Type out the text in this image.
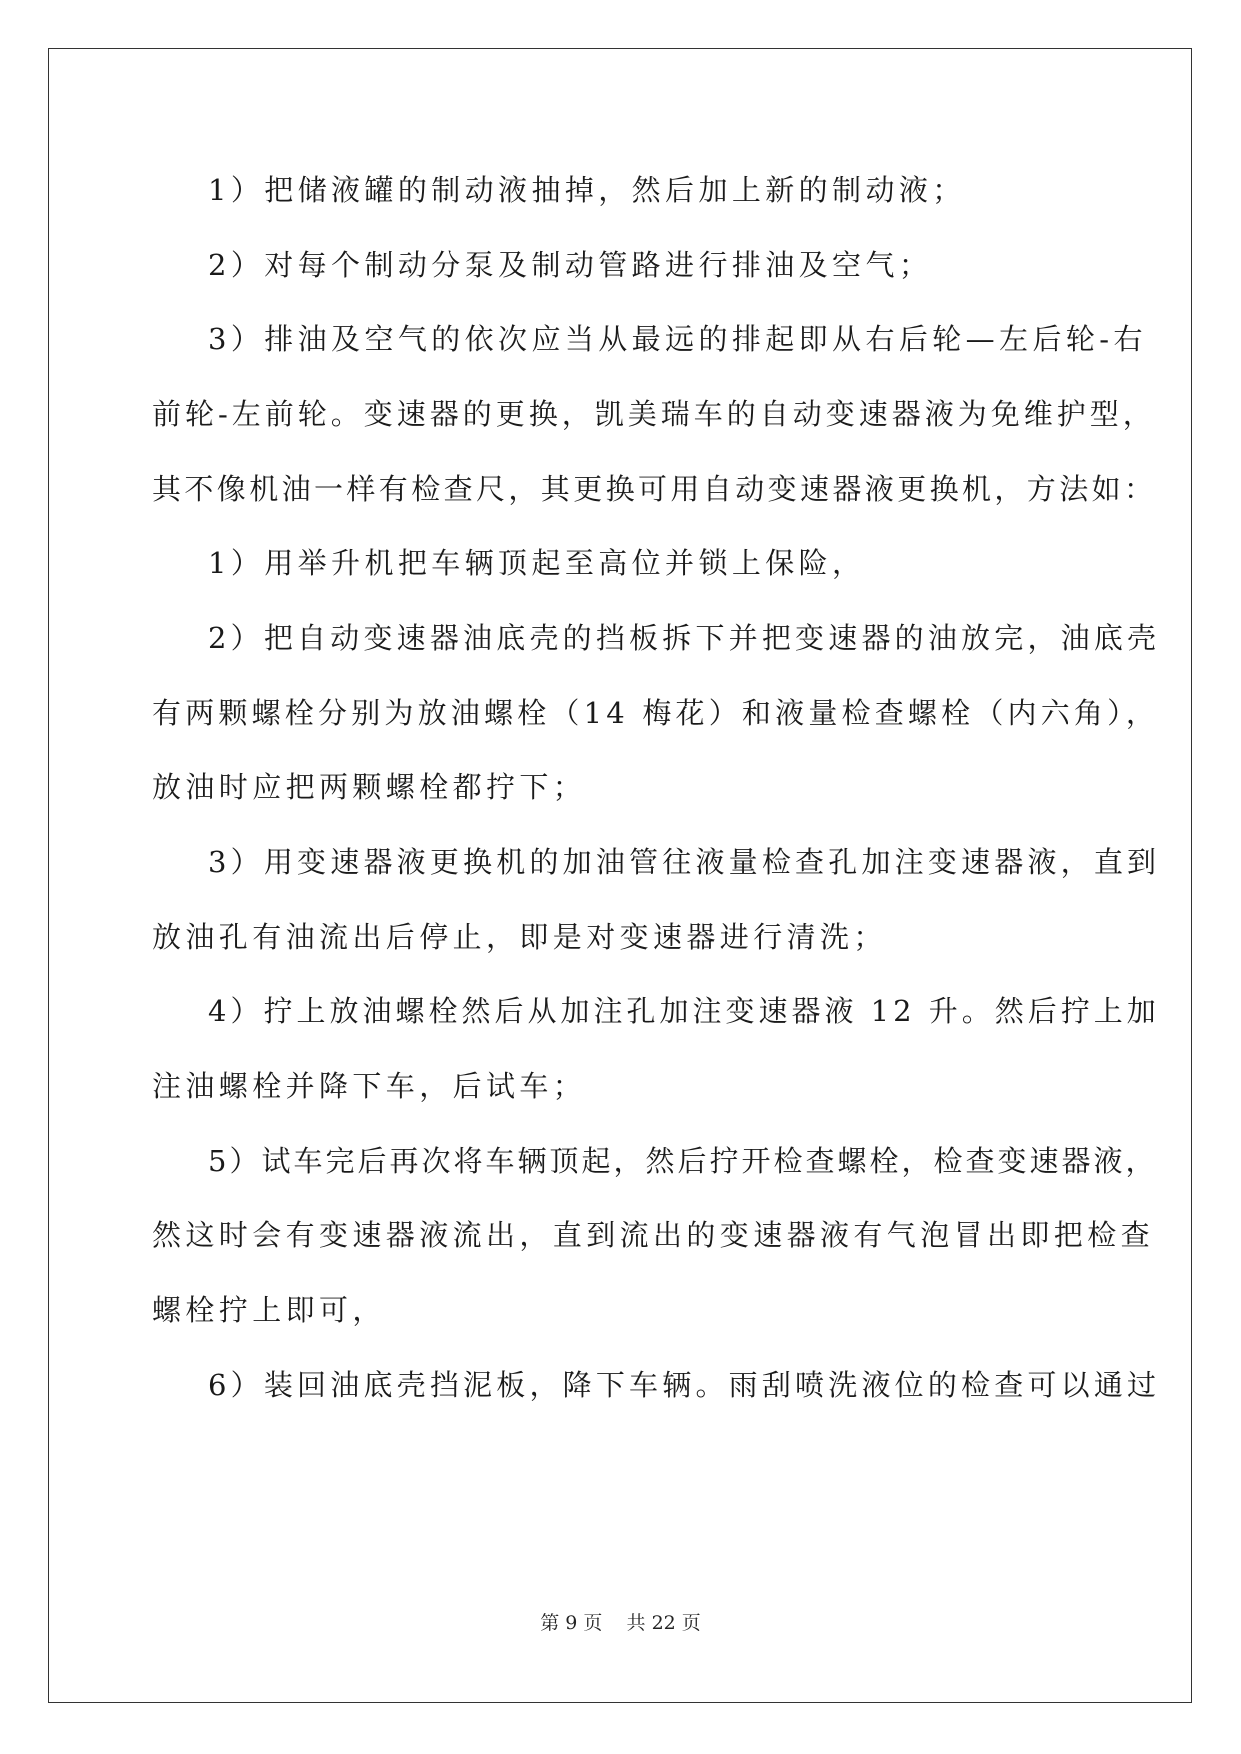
1）把储液罐的制动液抽掉，然后加上新的制动液；
2）对每个制动分泵及制动管路进行排油及空气；
3）排油及空气的依次应当从最远的排起即从右后轮—左后轮-右
前轮-左前轮。变速器的更换，凯美瑞车的自动变速器液为免维护型，
其不像机油一样有检查尺，其更换可用自动变速器液更换机，方法如：
1）用举升机把车辆顶起至高位并锁上保险，
2）把自动变速器油底壳的挡板拆下并把变速器的油放完，油底壳
有两颗螺栓分别为放油螺栓（14 梅花）和液量检查螺栓（内六角），
放油时应把两颗螺栓都拧下；
3）用变速器液更换机的加油管往液量检查孔加注变速器液，直到
放油孔有油流出后停止，即是对变速器进行清洗；
4）拧上放油螺栓然后从加注孔加注变速器液 12 升。然后拧上加
注油螺栓并降下车，后试车；
5）试车完后再次将车辆顶起，然后拧开检查螺栓，检查变速器液，
然这时会有变速器液流出，直到流出的变速器液有气泡冒出即把检查
螺栓拧上即可，
6）装回油底壳挡泥板，降下车辆。雨刮喷洗液位的检查可以通过
第 9 页    共 22 页
